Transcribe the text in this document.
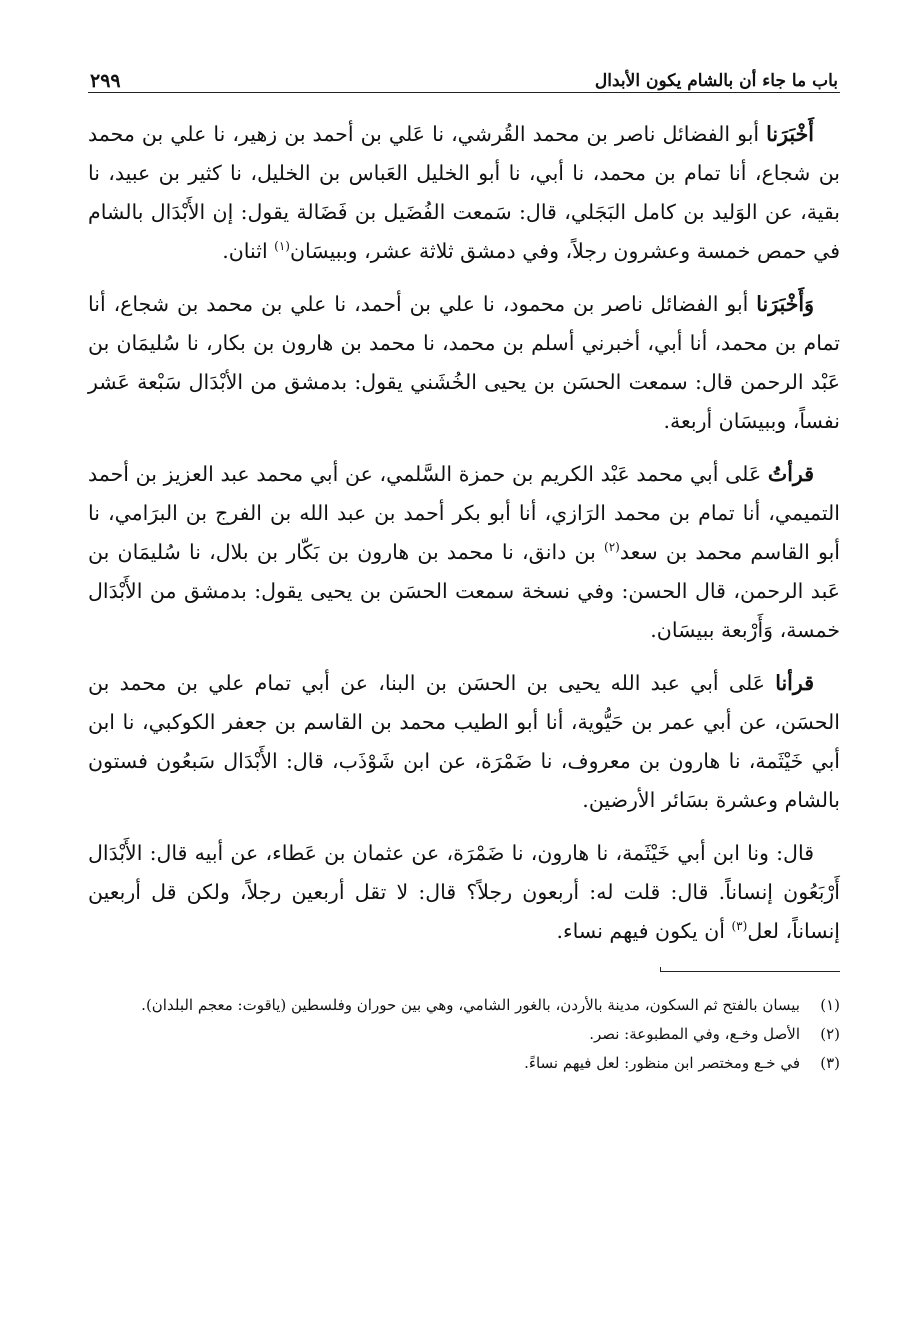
باب ما جاء أن بالشام يكون الأبدال
٢٩٩

أَخْبَرَنا أبو الفضائل ناصر بن محمد القُرشي، نا عَلي بن أحمد بن زهير، نا علي بن محمد بن شجاع، أنا تمام بن محمد، نا أبي، نا أبو الخليل العَباس بن الخليل، نا كثير بن عبيد، نا بقية، عن الوَليد بن كامل البَجَلي، قال: سَمعت الفُضَيل بن فَضَالة يقول: إن الأَبْدَال بالشام في حمص خمسة وعشرون رجلاً، وفي دمشق ثلاثة عشر، وببيسَان$^{(١)}$ اثنان.

وَأَخْبَرَنا أبو الفضائل ناصر بن محمود، نا علي بن أحمد، نا علي بن محمد بن شجاع، أنا تمام بن محمد، أنا أبي، أخبرني أسلم بن محمد، نا محمد بن هارون بن بكار، نا سُليمَان بن عَبْد الرحمن قال: سمعت الحسَن بن يحيى الخُشَني يقول: بدمشق من الأبْدَال سَبْعة عَشر نفساً، وببيسَان أربعة.

قرأتُ عَلى أبي محمد عَبْد الكريم بن حمزة السَّلمي، عن أبي محمد عبد العزيز بن أحمد التميمي، أنا تمام بن محمد الرَازي، أنا أبو بكر أحمد بن عبد الله بن الفرج بن البرَامي، نا أبو القاسم محمد بن سعد$^{(٢)}$ بن دانق، نا محمد بن هارون بن بَكّار بن بلال، نا سُليمَان بن عَبد الرحمن، قال الحسن: وفي نسخة سمعت الحسَن بن يحيى يقول: بدمشق من الأَبْدَال خمسة، وَأَرْبعة ببيسَان.

قرأنا عَلى أبي عبد الله يحيى بن الحسَن بن البنا، عن أبي تمام علي بن محمد بن الحسَن، عن أبي عمر بن حَيُّوية، أنا أبو الطيب محمد بن القاسم بن جعفر الكوكبي، نا ابن أبي خَيْثَمة، نا هارون بن معروف، نا ضَمْرَة، عن ابن شَوْذَب، قال: الأَبْدَال سَبعُون فستون بالشام وعشرة بسَائر الأرضين.

قال: ونا ابن أبي خَيْثَمة، نا هارون، نا ضَمْرَة، عن عثمان بن عَطاء، عن أبيه قال: الأَبْدَال أَرْبَعُون إنساناً. قال: قلت له: أربعون رجلاً؟ قال: لا تقل أربعين رجلاً، ولكن قل أربعين إنساناً، لعل$^{(٣)}$ أن يكون فيهم نساء.

(١)
بيسان بالفتح ثم السكون، مدينة بالأردن، بالغور الشامي، وهي بين حوران وفلسطين (ياقوت: معجم البلدان).
(٢)
الأصل وخـع، وفي المطبوعة: نصر.
(٣)
في خـع ومختصر ابن منظور: لعل فيهم نساءً.
